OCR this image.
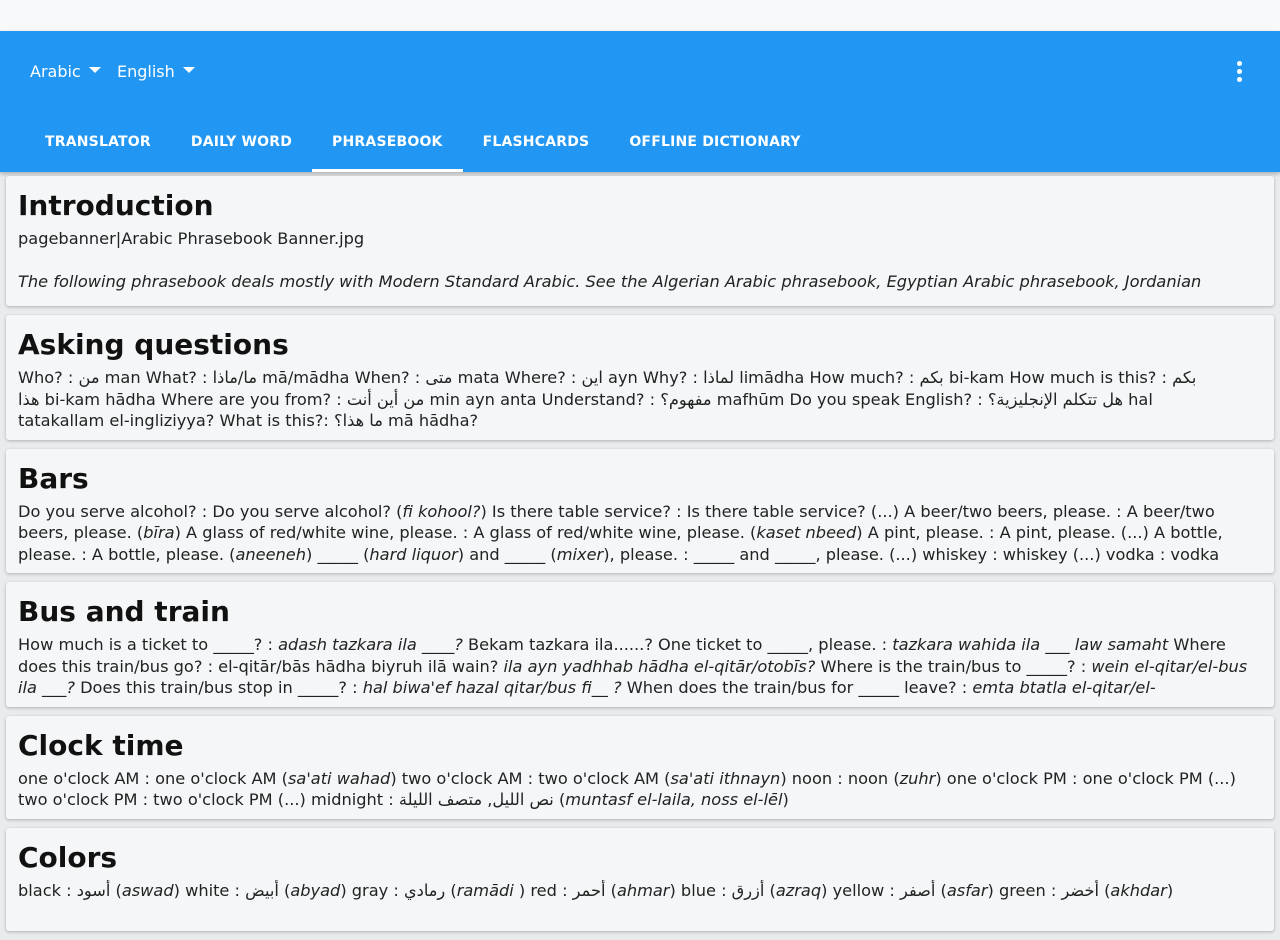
Arabic	English
TRANSLATOR	DAILY WORD	PHRASEBOOK	FLASHCARDS	OFFLINE DICTIONARY
Introduction

pagebanner|Arabic Phrasebook Banner.jpg

The following phrasebook deals mostly with Modern Standard Arabic. See the Algerian Arabic phrasebook, Egyptian Arabic phrasebook, Jordanian

Asking questions

Who? : من man What? : ما/ماذا mā/mādha When? : متى mata Where? : اين ayn Why? : لماذا limādha How much? : بكم bi-kam How much is this? : بكم

هذا bi-kam hādha Where are you from? : من أين أنت min ayn anta Understand? : مفهوم؟ mafhūm Do you speak English? : هل تتكلم الإنجليزية؟ hal

tatakallam el-ingliziyya? What is this?: ما هذا؟ mā hādha?

Bars
Do you serve alcohol? : Do you serve alcohol? (fi kohool?) Is there table service? : Is there table service? (...) A beer/two beers, please. : A beer/two beers, please. (bīra) A glass of red/white wine, please. : A glass of red/white wine, please. (kaset nbeed) A pint, please. : A pint, please. (...) A bottle, please. : A bottle, please. (aneeneh) _____ (hard liquor) and _____ (mixer), please. : _____ and _____, please. (...) whiskey : whiskey (...) vodka : vodka
Bus and train
How much is a ticket to _____? : adash tazkara ila ____? Bekam tazkara ila......? One ticket to _____, please. : tazkara wahida ila ___ law samaht Where does this train/bus go? : el-qitār/bās hādha biyruh ilā wain? ila ayn yadhhab hādha el-qitār/otobīs? Where is the train/bus to _____? : wein el-qitar/el-bus ila ___? Does this train/bus stop in _____? : hal biwa'ef hazal qitar/bus fi__ ? When does the train/bus for _____ leave? : emta btatla el-qitar/el-
Clock time
one o'clock AM : one o'clock AM (sa'ati wahad) two o'clock AM : two o'clock AM (sa'ati ithnayn) noon : noon (zuhr) one o'clock PM : one o'clock PM (...) two o'clock PM : two o'clock PM (...) midnight : نص الليل, متصف الليلة (muntasf el-laila, noss el-lēl)
Colors
black : أسود (aswad) white : أبيض (abyad) gray : رمادي (ramādi ) red : أحمر (ahmar) blue : أزرق (azraq) yellow : أصفر (asfar) green : أخضر (akhdar)
